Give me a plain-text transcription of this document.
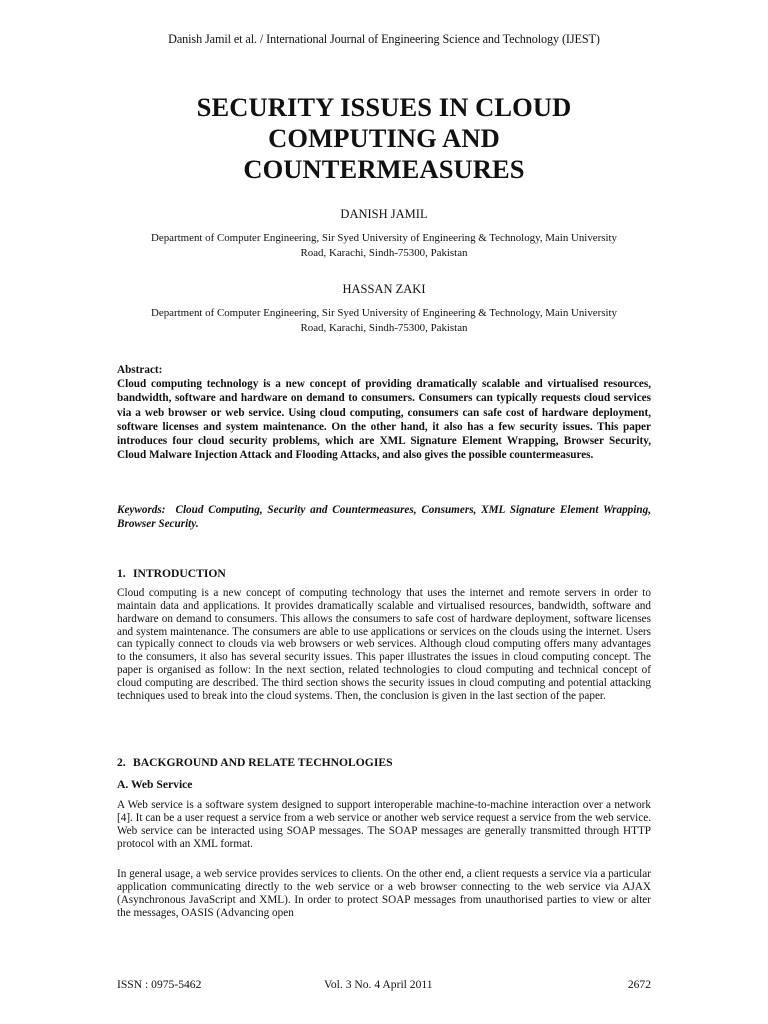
Danish Jamil et al. / International Journal of Engineering Science and Technology (IJEST)
SECURITY ISSUES IN CLOUD
COMPUTING AND
COUNTERMEASURES
DANISH JAMIL
Department of Computer Engineering, Sir Syed University of Engineering & Technology, Main University
Road, Karachi, Sindh-75300, Pakistan
HASSAN ZAKI
Department of Computer Engineering, Sir Syed University of Engineering & Technology, Main University
Road, Karachi, Sindh-75300, Pakistan
Abstract:
Cloud computing technology is a new concept of providing dramatically scalable and virtualised resources, bandwidth, software and hardware on demand to consumers. Consumers can typically requests cloud services via a web browser or web service. Using cloud computing, consumers can safe cost of hardware deployment, software licenses and system maintenance. On the other hand, it also has a few security issues. This paper introduces four cloud security problems, which are XML Signature Element Wrapping, Browser Security, Cloud Malware Injection Attack and Flooding Attacks, and also gives the possible countermeasures.
Keywords: Cloud Computing, Security and Countermeasures, Consumers, XML Signature Element Wrapping, Browser Security.
1. INTRODUCTION
Cloud computing is a new concept of computing technology that uses the internet and remote servers in order to maintain data and applications. It provides dramatically scalable and virtualised resources, bandwidth, software and hardware on demand to consumers. This allows the consumers to safe cost of hardware deployment, software licenses and system maintenance. The consumers are able to use applications or services on the clouds using the internet. Users can typically connect to clouds via web browsers or web services. Although cloud computing offers many advantages to the consumers, it also has several security issues. This paper illustrates the issues in cloud computing concept. The paper is organised as follow: In the next section, related technologies to cloud computing and technical concept of cloud computing are described. The third section shows the security issues in cloud computing and potential attacking techniques used to break into the cloud systems. Then, the conclusion is given in the last section of the paper.
2. BACKGROUND AND RELATE TECHNOLOGIES
A. Web Service
A Web service is a software system designed to support interoperable machine-to-machine interaction over a network [4]. It can be a user request a service from a web service or another web service request a service from the web service. Web service can be interacted using SOAP messages. The SOAP messages are generally transmitted through HTTP protocol with an XML format.
In general usage, a web service provides services to clients. On the other end, a client requests a service via a particular application communicating directly to the web service or a web browser connecting to the web service via AJAX (Asynchronous JavaScript and XML). In order to protect SOAP messages from unauthorised parties to view or alter the messages, OASIS (Advancing open
ISSN : 0975-5462	Vol. 3 No. 4 April 2011	2672
